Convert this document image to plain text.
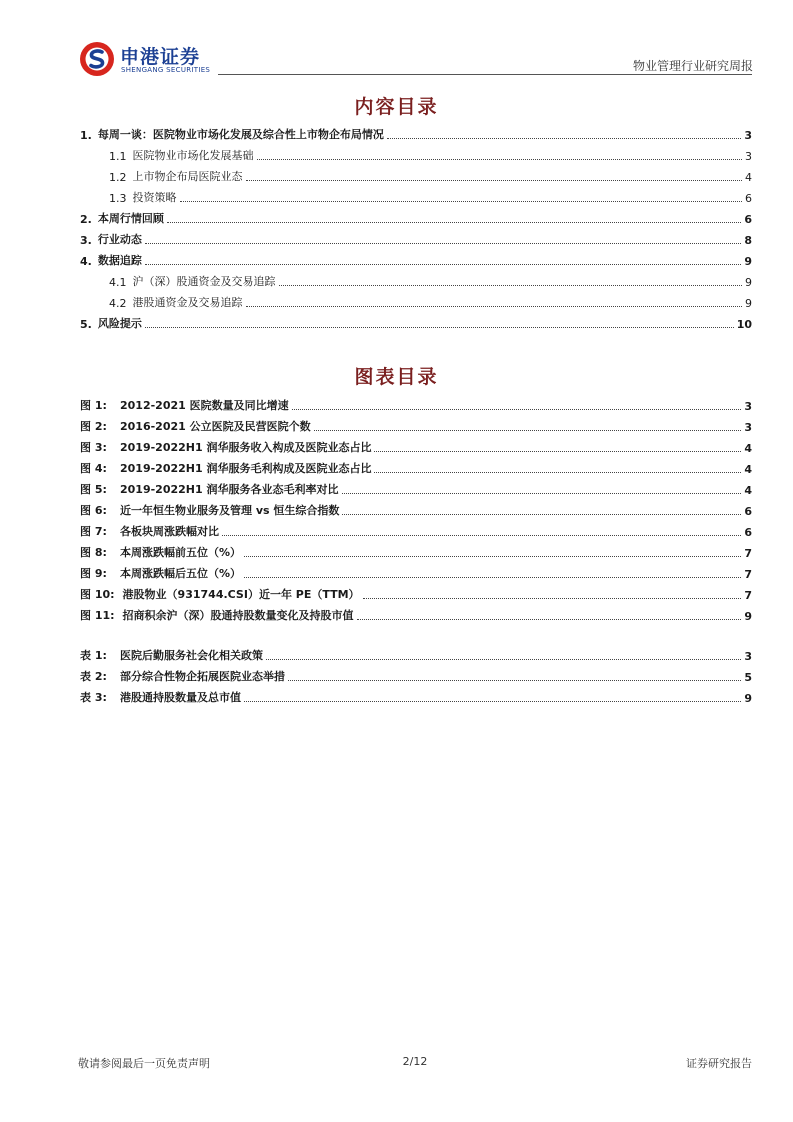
申港证券
SHENGANG SECURITIES	物业管理行业研究周报
内容目录
1. 每周一谈：医院物业市场化发展及综合性上市物企布局情况	3
1.1 医院物业市场化发展基础	3
1.2 上市物企布局医院业态	4
1.3 投资策略	6
2. 本周行情回顾	6
3. 行业动态	8
4. 数据追踪	9
4.1 沪（深）股通资金及交易追踪	9
4.2 港股通资金及交易追踪	9
5. 风险提示	10
图表目录
图 1:	2012-2021 医院数量及同比增速	3
图 2:	2016-2021 公立医院及民营医院个数	3
图 3:	2019-2022H1 润华服务收入构成及医院业态占比	4
图 4:	2019-2022H1 润华服务毛利构成及医院业态占比	4
图 5:	2019-2022H1 润华服务各业态毛利率对比	4
图 6:	近一年恒生物业服务及管理 vs 恒生综合指数	6
图 7:	各板块周涨跌幅对比	6
图 8:	本周涨跌幅前五位（%）	7
图 9:	本周涨跌幅后五位（%）	7
图 10: 港股物业（931744.CSI）近一年 PE（TTM）	7
图 11: 招商积余沪（深）股通持股数量变化及持股市值	9
表 1:	医院后勤服务社会化相关政策	3
表 2:	部分综合性物企拓展医院业态举措	5
表 3:	港股通持股数量及总市值	9
敬请参阅最后一页免责声明	2/12	证券研究报告
